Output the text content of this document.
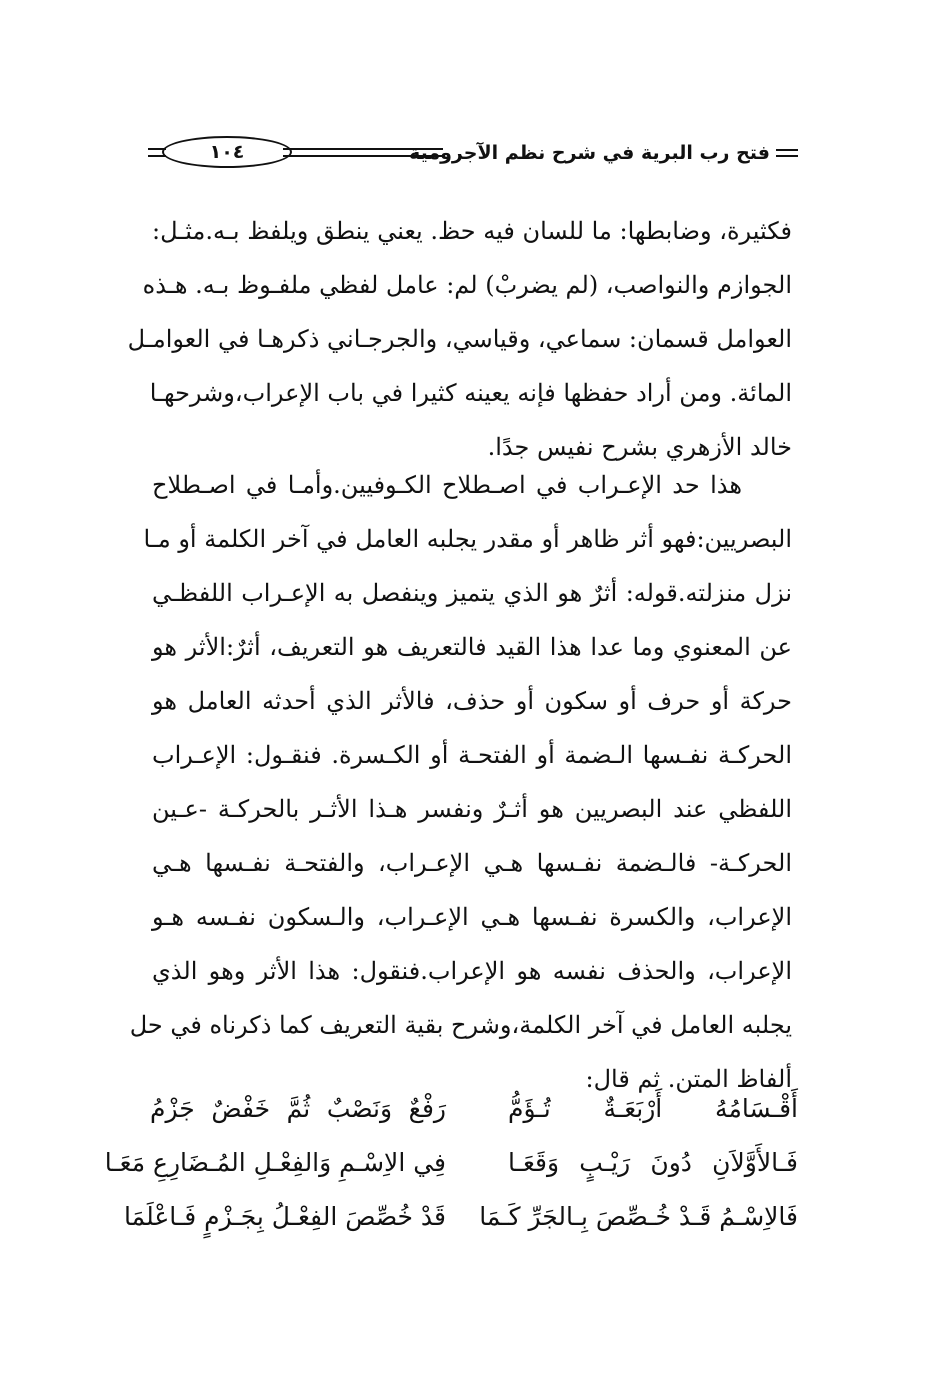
فتح رب البرية في شرح نظم الآجرومية
١٠٤
فكثيرة، وضابطها: ما للسان فيه حظ. يعني ينطق ويلفظ بـه.مثـل:
الجوازم والنواصب، (لم يضربْ) لم: عامل لفظي ملفـوظ بـه. هـذه
العوامل قسمان: سماعي، وقياسي، والجرجـاني ذكرهـا في العوامـل
المائة. ومن أراد حفظها فإنه يعينه كثيرا في باب الإعراب،وشرحهـا
خالد الأزهري بشرح نفيس جدًا.
هذا حد الإعـراب في اصـطلاح الكـوفيين.وأمـا في اصـطلاح
البصريين:فهو أثر ظاهر أو مقدر يجلبه العامل في آخر الكلمة أو مـا
نزل منزلته.قوله: أثرٌ هو الذي يتميز وينفصل به الإعـراب اللفظـي
عن المعنوي وما عدا هذا القيد فالتعريف هو التعريف، أثرٌ:الأثر هو
حركة أو حرف أو سكون أو حذف، فالأثر الذي أحدثه العامل هو
الحركـة نفـسها الـضمة أو الفتحـة أو الكـسرة. فنقـول: الإعـراب
اللفظي عند البصريين هو أثـرٌ ونفسر هـذا الأثـر بالحركـة -عـين
الحركـة- فالـضمة نفـسها هـي الإعـراب، والفتحـة نفـسها هـي
الإعراب، والكسرة نفـسها هـي الإعـراب، والـسكون نفـسه هـو
الإعراب، والحذف نفسه هو الإعراب.فنقول: هذا الأثر وهو الذي
يجلبه العامل في آخر الكلمة،وشرح بقية التعريف كما ذكرناه في حل
ألفاظ المتن. ثم قال:
أَقْـسَامُهُ أَرْبَعَـةٌ تُـؤَمُّ
رَفْعٌ وَنَصْبٌ ثُمَّ خَفْضٌ جَزْمُ
فَـالأَوَّلاَنِ دُونَ رَيْـبٍ وَقَعَـا
فِي الاِسْـمِ وَالفِعْـلِ المُـضَارِعِ مَعَـا
فَالاِسْـمُ قَـدْ خُـصِّصَ بِـالجَرِّ كَـمَا
قَدْ خُصِّصَ الفِعْـلُ بِجَـزْمٍ فَـاعْلَمَا
